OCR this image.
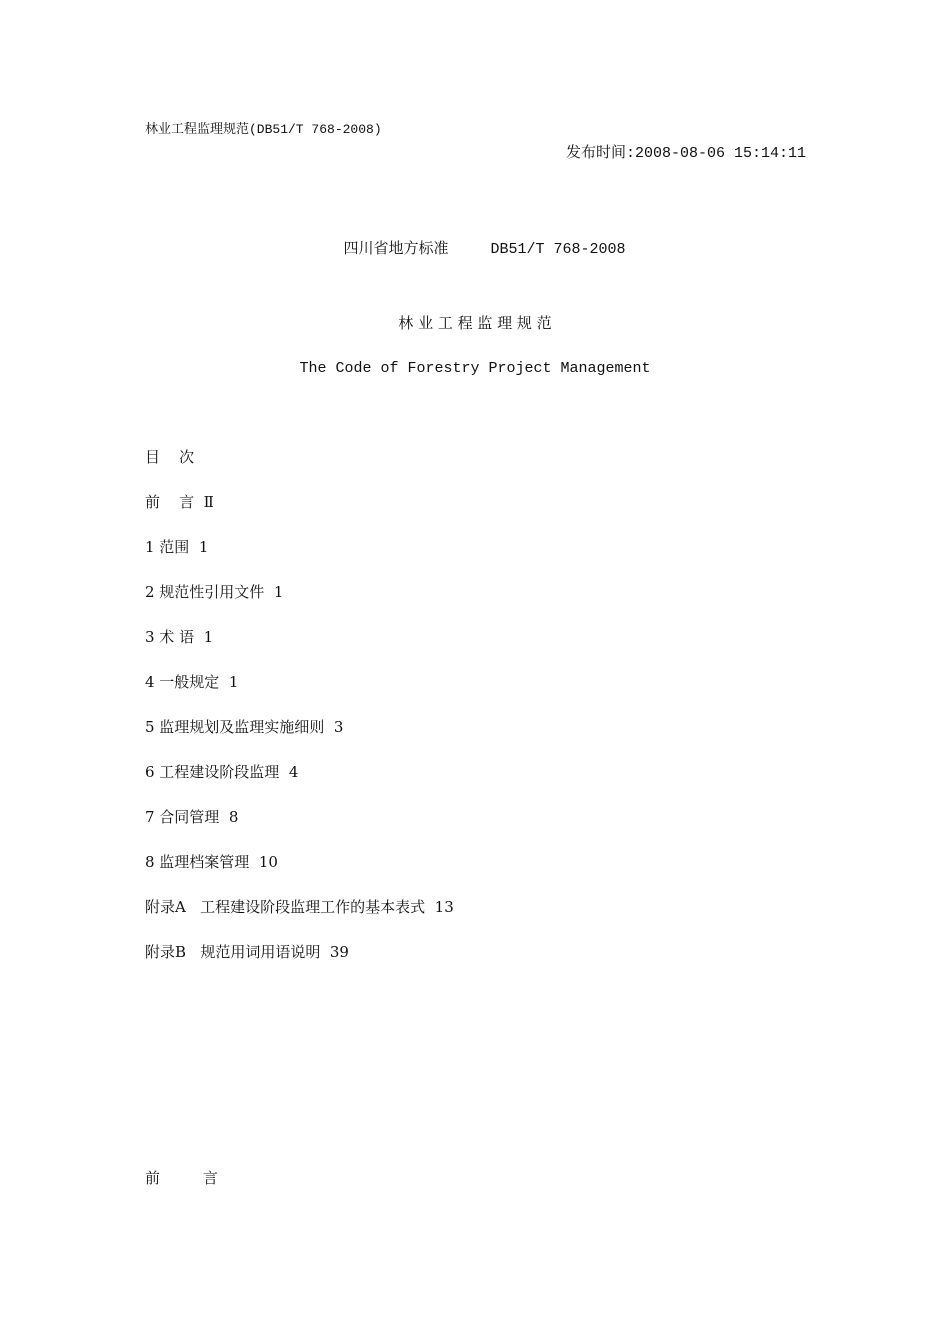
林业工程监理规范(DB51/T 768-2008)
发布时间:2008-08-06 15:14:11

四川省地方标准	DB51/T 768-2008

林 业 工 程 监 理 规 范
The Code of Forestry Project Management
目    次
前    言  Ⅱ
1 范围  1
2 规范性引用文件  1
3 术 语  1
4 一般规定  1
5 监理规划及监理实施细则  3
6 工程建设阶段监理  4
7 合同管理  8
8 监理档案管理  10
附录A   工程建设阶段监理工作的基本表式  13
附录B   规范用词用语说明  39
前         言
